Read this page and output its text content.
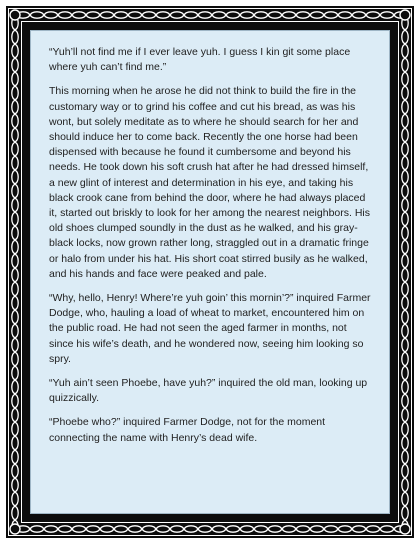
“Yuh’ll not find me if I ever leave yuh. I guess I kin git some place where yuh can’t find me.”

This morning when he arose he did not think to build the fire in the customary way or to grind his coffee and cut his bread, as was his wont, but solely meditate as to where he should search for her and should induce her to come back. Recently the one horse had been dispensed with because he found it cumbersome and beyond his needs. He took down his soft crush hat after he had dressed himself, a new glint of interest and determination in his eye, and taking his black crook cane from behind the door, where he had always placed it, started out briskly to look for her among the nearest neighbors. His old shoes clumped soundly in the dust as he walked, and his gray-black locks, now grown rather long, straggled out in a dramatic fringe or halo from under his hat. His short coat stirred busily as he walked, and his hands and face were peaked and pale.

“Why, hello, Henry! Where’re yuh goin’ this mornin’?” inquired Farmer Dodge, who, hauling a load of wheat to market, encountered him on the public road. He had not seen the aged farmer in months, not since his wife’s death, and he wondered now, seeing him looking so spry.

“Yuh ain’t seen Phoebe, have yuh?” inquired the old man, looking up quizzically.

“Phoebe who?” inquired Farmer Dodge, not for the moment connecting the name with Henry’s dead wife.
